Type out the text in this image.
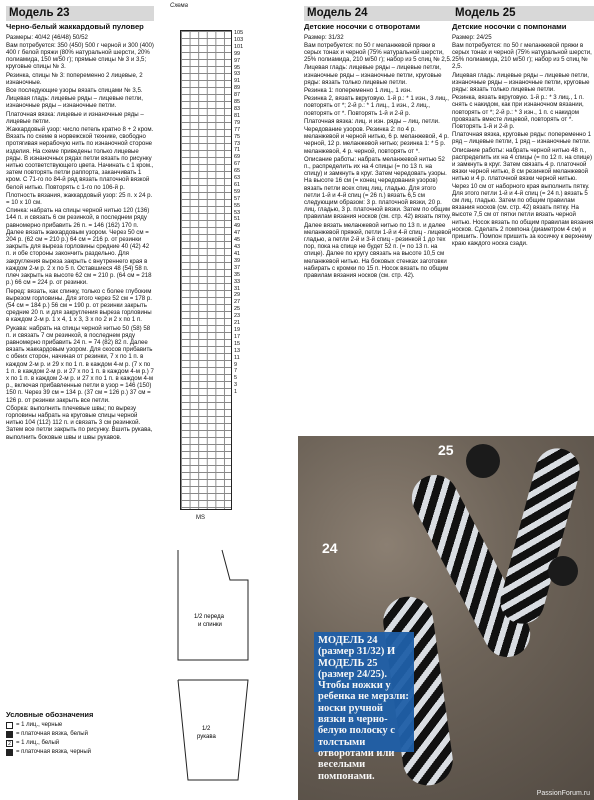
Модель 23
Черно-белый жаккардовый пуловер

Размеры: 40/42 (46/48) 50/52

Вам потребуется: 350 (450) 500 г черной и 300 (400) 400 г белой пряжи (80% натуральной шерсти, 20% полиамида, 150 м/50 г); прямые спицы № 3 и 3,5; круговые спицы № 3.

Резинка, спицы № 3: попеременно 2 лицевые, 2 изнаночные.

Все последующие узоры вязать спицами № 3,5.

Лицевая гладь: лицевые ряды – лицевые петли, изнаночные ряды – изнаночные петли.

Платочная вязка: лицевые и изнаночные ряды – лицевые петли.

Жаккардовый узор: число петель кратно 8 + 2 кром. Вязать по схеме в норвежской технике, свободно протягивая нерабочую нить по изнаночной стороне изделия. На схеме приведены только лицевые ряды. В изнаночных рядах петли вязать по рисунку нитью соответствующего цвета. Начинать с 1 кром., затем повторять петли раппорта, заканчивать 1 кром. С 71-го по 84-й ряд вязать платочной вязкой белой нитью. Повторять с 1-го по 106-й р.

Плотность вязания, жаккардовый узор: 25 п. x 24 р. = 10 x 10 см.

Спинка: набрать на спицы черной нитью 120 (136) 144 п. и связать 6 см резинкой, в последнем ряду равномерно прибавить 26 п. = 146 (162) 170 п. Далее вязать жаккардовым узором. Через 50 см = 204 р. (62 см = 210 р.) 64 см = 216 р. от резинки закрыть для выреза горловины средние 40 (42) 42 п. и обе стороны закончить раздельно. Для закругления выреза закрыть с внутреннего края в каждом 2-м р. 2 x по 5 п. Оставшиеся 48 (54) 58 п. плеч закрыть на высоте 62 см = 210 р. (64 см = 218 р.) 66 см = 224 р. от резинки.

Перед: вязать, как спинку, только с более глубоким вырезом горловины. Для этого через 52 см = 178 р. (54 см = 184 р.) 56 см = 190 р. от резинки закрыть средние 20 п. и для закругления выреза горловины в каждом 2-м р. 1 x 4, 1 x 3, 3 x по 2 и 2 x по 1 п.

Рукава: набрать на спицы черной нитью 50 (58) 58 п. и связать 7 см резинкой, в последнем ряду равномерно прибавить 24 п. = 74 (82) 82 п. Далее вязать жаккардовым узором. Для скосов прибавить с обеих сторон, начиная от резинки, 7 x по 1 п. в каждом 2-м р. и 29 x по 1 п. в каждом 4-м р. (7 x по 1 п. в каждом 2-м р. и 27 x по 1 п. в каждом 4-м р.) 7 x по 1 п. в каждом 2-м р. и 27 x по 1 п. в каждом 4-м р., включая прибавленные петли в узор = 146 (150) 150 п. Через 39 см = 134 р. (37 см = 126 р.) 37 см = 126 р. от резинки закрыть все петли.

Сборка: выполнить плечевые швы; по вырезу горловины набрать на круговые спицы черной нитью 104 (112) 112 п. и связать 3 см резинкой. Затем все петли закрыть по рисунку. Вшить рукава, выполнить боковые швы и швы рукавов.

Схема
105
103
101
99
97
95
93
91
89
87
85
83
81
79
77
75
73
71
69
67
65
63
61
59
57
55
53
51
49
47
45
43
41
39
37
35
33
31
29
27
25
23
21
19
17
15
13
11
9
7
5
3
1
MS
1/2 переда
и спинки
1/2
рукава
Условные обозначения
= 1 лиц., черные
= платочная вязка, белый
2 = 1 лиц., белый
= платочная вязка, черный
Модель 24
Детские носочки с отворотами

Размер: 31/32

Вам потребуется: по 50 г меланжевой пряжи в серых тонах и черной (75% натуральной шерсти, 25% полиамида, 210 м/50 г); набор из 5 спиц № 2,5.

Лицевая гладь: лицевые ряды – лицевые петли, изнаночные ряды – изнаночные петли, круговые ряды: вязать только лицевые петли.

Резинка 1: попеременно 1 лиц., 1 изн.

Резинка 2, вязать вкруговую. 1-й р.: * 1 изн., 3 лиц., повторять от *; 2-й р.: * 1 лиц., 1 изн., 2 лиц., повторять от *. Повторять 1-й и 2-й р.

Платочная вязка: лиц. и изн. ряды – лиц. петли.

Чередование узоров. Резинка 2: по 4 р. меланжевой и черной нитью, 6 р. меланжевой, 4 р. черной, 12 р. меланжевой нитью; резинка 1: * 5 р. меланжевой, 4 р. черной, повторять от *.

Описание работы: набрать меланжевой нитью 52 п., распределить их на 4 спицы (= по 13 п. на спицу) и замкнуть в круг. Затем чередовать узоры. На высоте 16 см (= конец чередования узоров) вязать петли всех спиц лиц. гладью. Для этого петли 1-й и 4-й спиц (= 26 п.) вязать 6,5 см следующим образом: 3 р. платочной вязки, 20 р. лиц. гладью, 3 р. платочной вязки. Затем по общим правилам вязания носков (см. стр. 42) вязать пятку.

Далее вязать меланжевой нитью по 13 п. и далее меланжевой пряжей, петли 1-й и 4-й спиц - лицевой гладью, а петли 2-й и 3-й спиц - резинкой 1 до тех пор, пока на спице не будет 52 п. (= по 13 п. на спице). Далее по кругу связать на высоте 10,5 см меланжевой нитью. На боковых стенках заготовки набирать с кромки по 15 п. Носок вязать по общим правилам вязания носков (см. стр. 42).

Модель 25
Детские носочки с помпонами

Размер: 24/25

Вам потребуется: по 50 г меланжевой пряжи в серых тонах и черной (75% натуральной шерсти, 25% полиамида, 210 м/50 г); набор из 5 спиц № 2,5.

Лицевая гладь: лицевые ряды – лицевые петли, изнаночные ряды – изнаночные петли, круговые ряды: вязать только лицевые петли.

Резинка, вязать вкруговую. 1-й р.: * 3 лиц., 1 п. снять с накидом, как при изнаночном вязании, повторять от *; 2-й р.: * 3 изн., 1 п. с накидом провязать вместе лицевой, повторять от *. Повторять 1-й и 2-й р.

Платочная вязка, круговые ряды: попеременно 1 ряд – лицевые петли, 1 ряд – изнаночные петли.

Описание работы: набрать черной нитью 48 п., распределить их на 4 спицы (= по 12 п. на спице) и замкнуть в круг. Затем связать 4 р. платочной вязки черной нитью, 8 см резинкой меланжевой нитью и 4 р. платочной вязки черной нитью. Через 10 см от наборного края выполнить пятку. Для этого петли 1-й и 4-й спиц (= 24 п.) вязать 5 см лиц. гладью. Затем по общим правилам вязания носков (см. стр. 42) вязать пятку. На высоте 7,5 см от пятки петли вязать черной нитью. Носок вязать по общим правилам вязания носков. Сделать 2 помпона (диаметром 4 см) и пришить. Помпон пришить за косичку к верхнему краю каждого носка сзади.

25
24
PassionForum.ru
МОДЕЛЬ 24 (размер 31/32) И МОДЕЛЬ 25 (размер 24/25). Чтобы ножки у ребенка не мерзли: носки ручной вязки в черно-белую полоску с толстыми отворотами или веселыми помпонами.
